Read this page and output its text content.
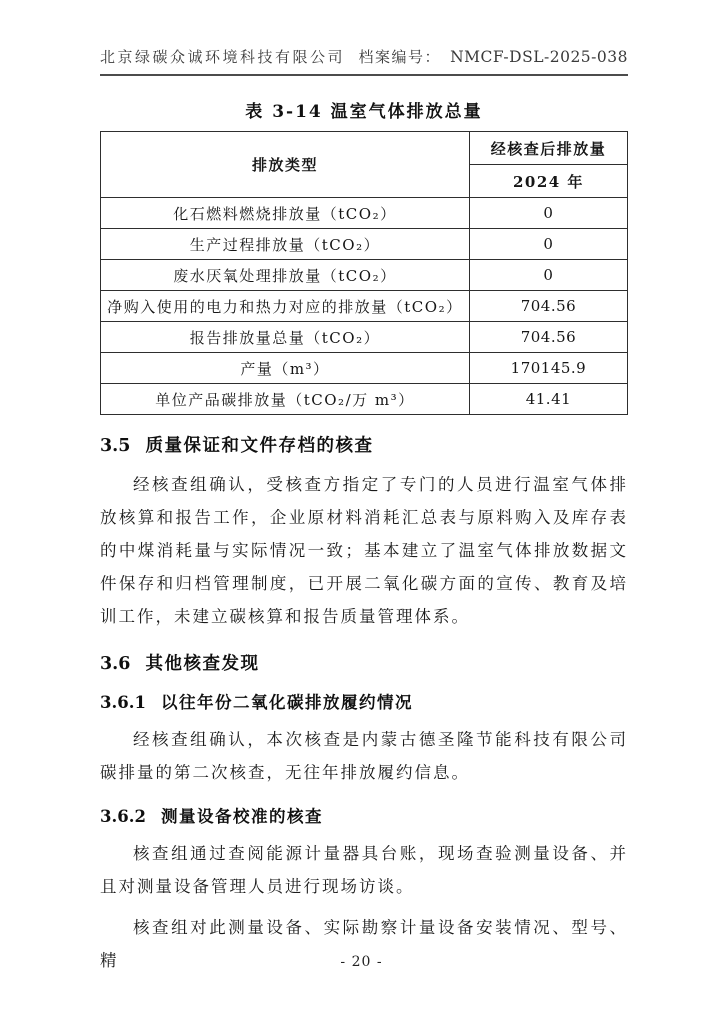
北京绿碳众诚环境科技有限公司 档案编号： NMCF-DSL-2025-038
表 3-14 温室气体排放总量
排放类型	经核查后排放量
	2024 年
化石燃料燃烧排放量（tCO₂）	0
生产过程排放量（tCO₂）	0
废水厌氧处理排放量（tCO₂）	0
净购入使用的电力和热力对应的排放量（tCO₂）	704.56
报告排放量总量（tCO₂）	704.56
产量（m³）	170145.9
单位产品碳排放量（tCO₂/万 m³）	41.41
3.5 质量保证和文件存档的核查

经核查组确认，受核查方指定了专门的人员进行温室气体排放核算和报告工作，企业原材料消耗汇总表与原料购入及库存表的中煤消耗量与实际情况一致；基本建立了温室气体排放数据文件保存和归档管理制度，已开展二氧化碳方面的宣传、教育及培训工作，未建立碳核算和报告质量管理体系。

3.6 其他核查发现
3.6.1 以往年份二氧化碳排放履约情况

经核查组确认，本次核查是内蒙古德圣隆节能科技有限公司碳排量的第二次核查，无往年排放履约信息。

3.6.2 测量设备校准的核查

核查组通过查阅能源计量器具台账，现场查验测量设备、并且对测量设备管理人员进行现场访谈。

核查组对此测量设备、实际勘察计量设备安装情况、型号、精	- 20 -
